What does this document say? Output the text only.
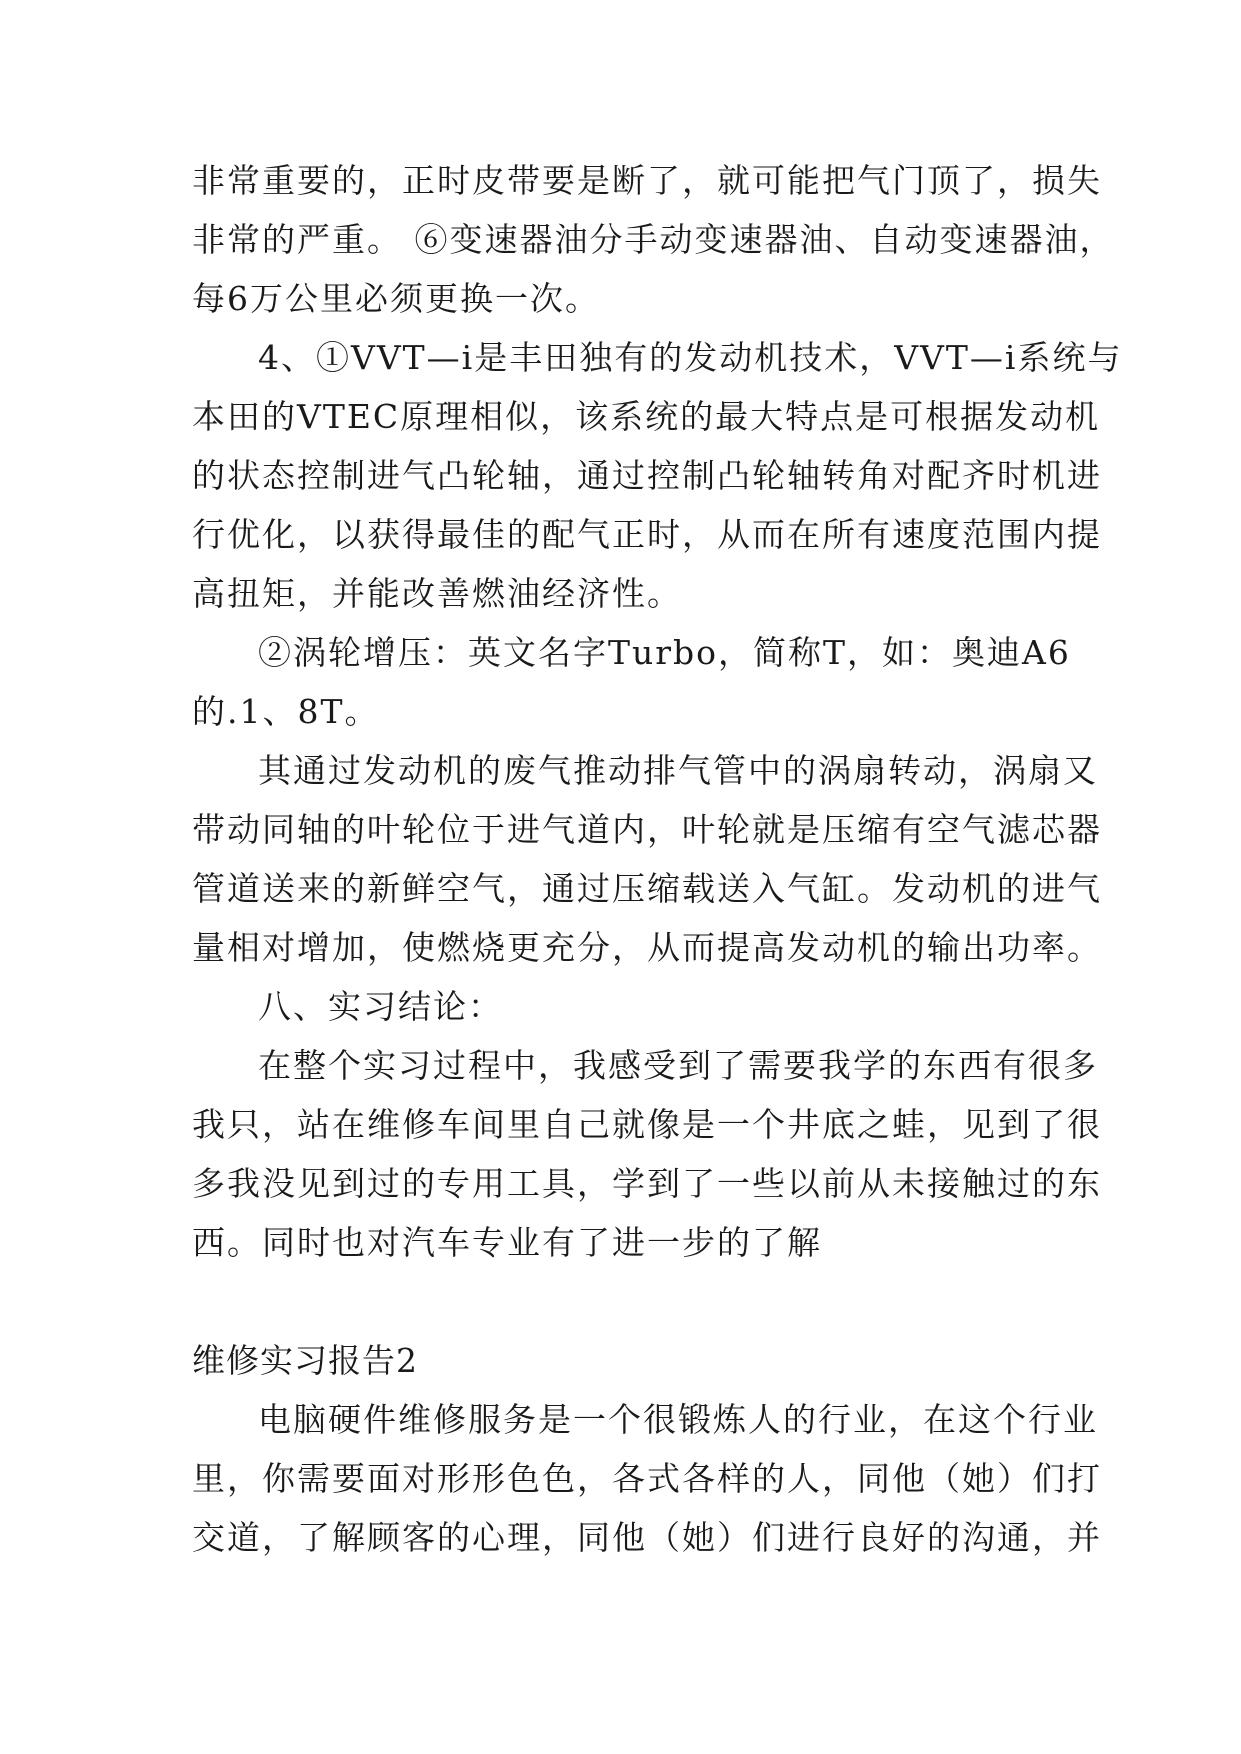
非常重要的，正时皮带要是断了，就可能把气门顶了，损失
非常的严重。 ⑥变速器油分手动变速器油、自动变速器油，
每6万公里必须更换一次。
4、①VVT—i是丰田独有的发动机技术，VVT—i系统与
本田的VTEC原理相似，该系统的最大特点是可根据发动机
的状态控制进气凸轮轴，通过控制凸轮轴转角对配齐时机进
行优化，以获得最佳的配气正时，从而在所有速度范围内提
高扭矩，并能改善燃油经济性。
②涡轮增压：英文名字Turbo，简称T，如：奥迪A6
的.1、8T。
其通过发动机的废气推动排气管中的涡扇转动，涡扇又
带动同轴的叶轮位于进气道内，叶轮就是压缩有空气滤芯器
管道送来的新鲜空气，通过压缩载送入气缸。发动机的进气
量相对增加，使燃烧更充分，从而提高发动机的输出功率。
八、实习结论：
在整个实习过程中，我感受到了需要我学的东西有很多
我只，站在维修车间里自己就像是一个井底之蛙，见到了很
多我没见到过的专用工具，学到了一些以前从未接触过的东
西。同时也对汽车专业有了进一步的了解
维修实习报告2
电脑硬件维修服务是一个很锻炼人的行业，在这个行业
里，你需要面对形形色色，各式各样的人，同他（她）们打
交道，了解顾客的心理，同他（她）们进行良好的沟通，并
